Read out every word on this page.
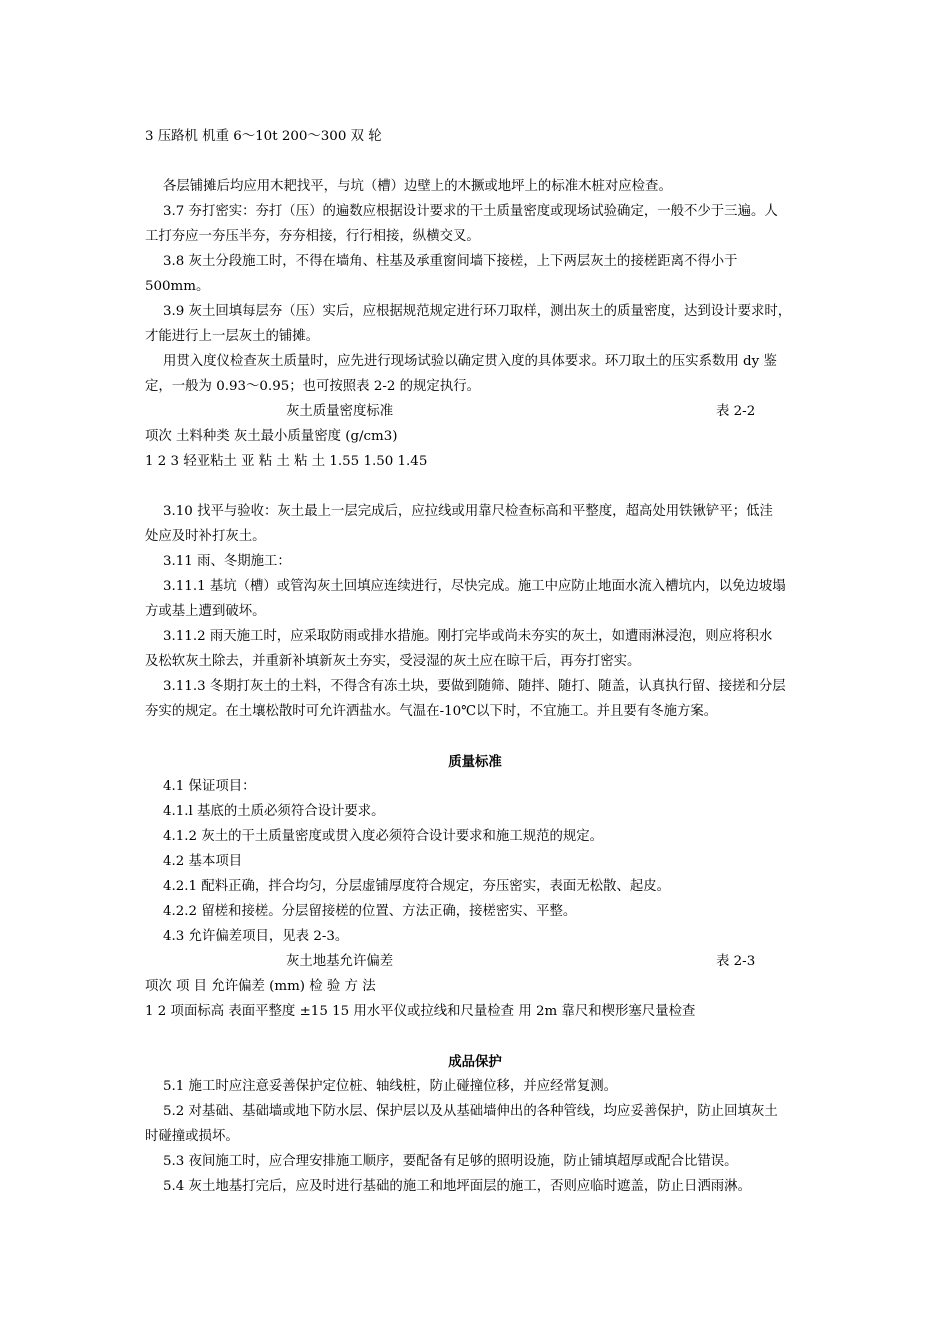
3 压路机 机重 6～10t 200～300 双 轮
各层铺摊后均应用木耙找平，与坑（槽）边壁上的木撅或地坪上的标准木桩对应检查。
3.7 夯打密实：夯打（压）的遍数应根据设计要求的干土质量密度或现场试验确定，一般不少于三遍。人
工打夯应一夯压半夯，夯夯相接，行行相接，纵横交叉。
3.8 灰土分段施工时，不得在墙角、柱基及承重窗间墙下接槎，上下两层灰土的接槎距离不得小于
500mm。
3.9 灰土回填每层夯（压）实后，应根据规范规定进行环刀取样，测出灰土的质量密度，达到设计要求时，
才能进行上一层灰土的铺摊。
用贯入度仪检查灰土质量时，应先进行现场试验以确定贯入度的具体要求。环刀取土的压实系数用 dy 鉴
定，一般为 0.93～0.95；也可按照表 2-2 的规定执行。
灰土质量密度标准	表 2-2
项次 土料种类 灰土最小质量密度 (g/cm3)
1 2 3 轻亚粘土 亚 粘 土 粘 土 1.55 1.50 1.45
3.10 找平与验收：灰土最上一层完成后，应拉线或用靠尺检查标高和平整度，超高处用铁锹铲平；低洼
处应及时补打灰土。
3.11 雨、冬期施工：
3.11.1 基坑（槽）或管沟灰土回填应连续进行，尽快完成。施工中应防止地面水流入槽坑内，以免边坡塌
方或基上遭到破坏。
3.11.2 雨天施工时，应采取防雨或排水措施。刚打完毕或尚未夯实的灰土，如遭雨淋浸泡，则应将积水
及松软灰土除去，并重新补填新灰土夯实，受浸湿的灰土应在晾干后，再夯打密实。
3.11.3 冬期打灰土的土料，不得含有冻土块，要做到随筛、随拌、随打、随盖，认真执行留、接搓和分层
夯实的规定。在土壤松散时可允许洒盐水。气温在-10℃以下时，不宜施工。并且要有冬施方案。
质量标准
4.1 保证项目：
4.1.l 基底的土质必须符合设计要求。
4.1.2 灰土的干土质量密度或贯入度必须符合设计要求和施工规范的规定。
4.2 基本项目
4.2.1 配料正确，拌合均匀，分层虚铺厚度符合规定，夯压密实，表面无松散、起皮。
4.2.2 留槎和接槎。分层留接槎的位置、方法正确，接槎密实、平整。
4.3 允许偏差项目，见表 2-3。
灰土地基允许偏差	表 2-3
项次 项 目 允许偏差 (mm) 检 验 方 法
1 2 项面标高 表面平整度 ±15 15 用水平仪或拉线和尺量检查 用 2m 靠尺和楔形塞尺量检查
成品保护
5.1 施工时应注意妥善保护定位桩、轴线桩，防止碰撞位移，并应经常复测。
5.2 对基础、基础墙或地下防水层、保护层以及从基础墙伸出的各种管线，均应妥善保护，防止回填灰土
时碰撞或损坏。
5.3 夜间施工时，应合理安排施工顺序，要配备有足够的照明设施，防止铺填超厚或配合比错误。
5.4 灰土地基打完后，应及时进行基础的施工和地坪面层的施工，否则应临时遮盖，防止日洒雨淋。
